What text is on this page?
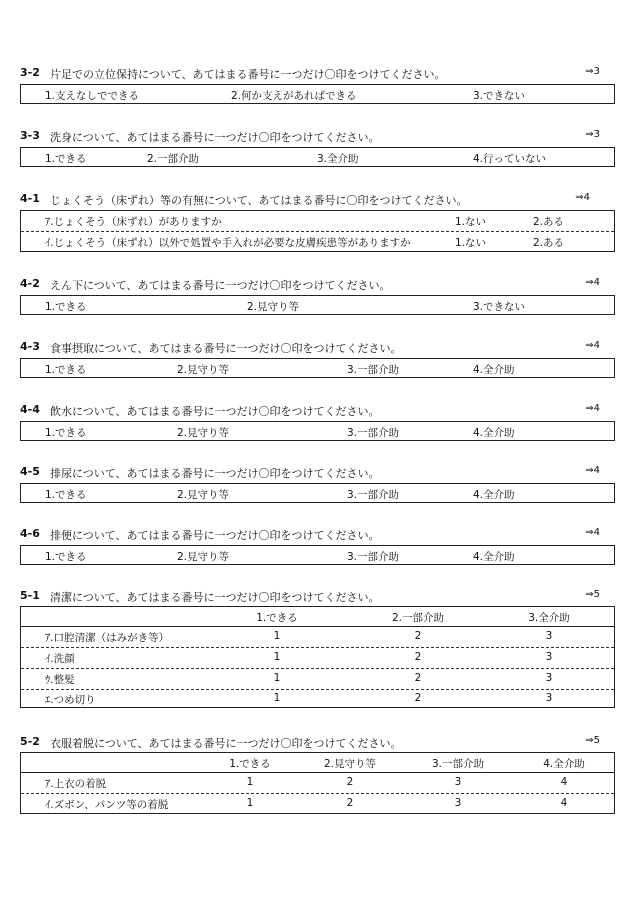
3-2 片足での立位保持について、あてはまる番号に一つだけ〇印をつけてください。	⇒3
1.支えなしでできる	2.何か支えがあればできる	3.できない
3-3 洗身について、あてはまる番号に一つだけ〇印をつけてください。	⇒3
1.できる	2.一部介助	3.全介助	4.行っていない
4-1 じょくそう（床ずれ）等の有無について、あてはまる番号に〇印をつけてください。	⇒4
ｱ.じょくそう（床ずれ）がありますか	1.ない	2.ある
ｲ.じょくそう（床ずれ）以外で処置や手入れが必要な皮膚疾患等がありますか	1.ない	2.ある
4-2 えん下について、あてはまる番号に一つだけ〇印をつけてください。	⇒4
1.できる	2.見守り等	3.できない
4-3 食事摂取について、あてはまる番号に一つだけ〇印をつけてください。	⇒4
1.できる	2.見守り等	3.一部介助	4.全介助
4-4 飲水について、あてはまる番号に一つだけ〇印をつけてください。	⇒4
1.できる	2.見守り等	3.一部介助	4.全介助
4-5 排尿について、あてはまる番号に一つだけ〇印をつけてください。	⇒4
1.できる	2.見守り等	3.一部介助	4.全介助
4-6 排便について、あてはまる番号に一つだけ〇印をつけてください。	⇒4
1.できる	2.見守り等	3.一部介助	4.全介助
5-1 清潔について、あてはまる番号に一つだけ〇印をつけてください。	⇒5
1.できる	2.一部介助	3.全介助
ｱ.口腔清潔（はみがき等）	1	2	3
ｲ.洗顔	1	2	3
ｳ.整髪	1	2	3
ｴ.つめ切り	1	2	3
5-2 衣服着脱について、あてはまる番号に一つだけ〇印をつけてください。	⇒5
1.できる	2.見守り等	3.一部介助	4.全介助
ｱ.上衣の着脱	1	2	3	4
ｲ.ズボン、パンツ等の着脱	1	2	3	4
